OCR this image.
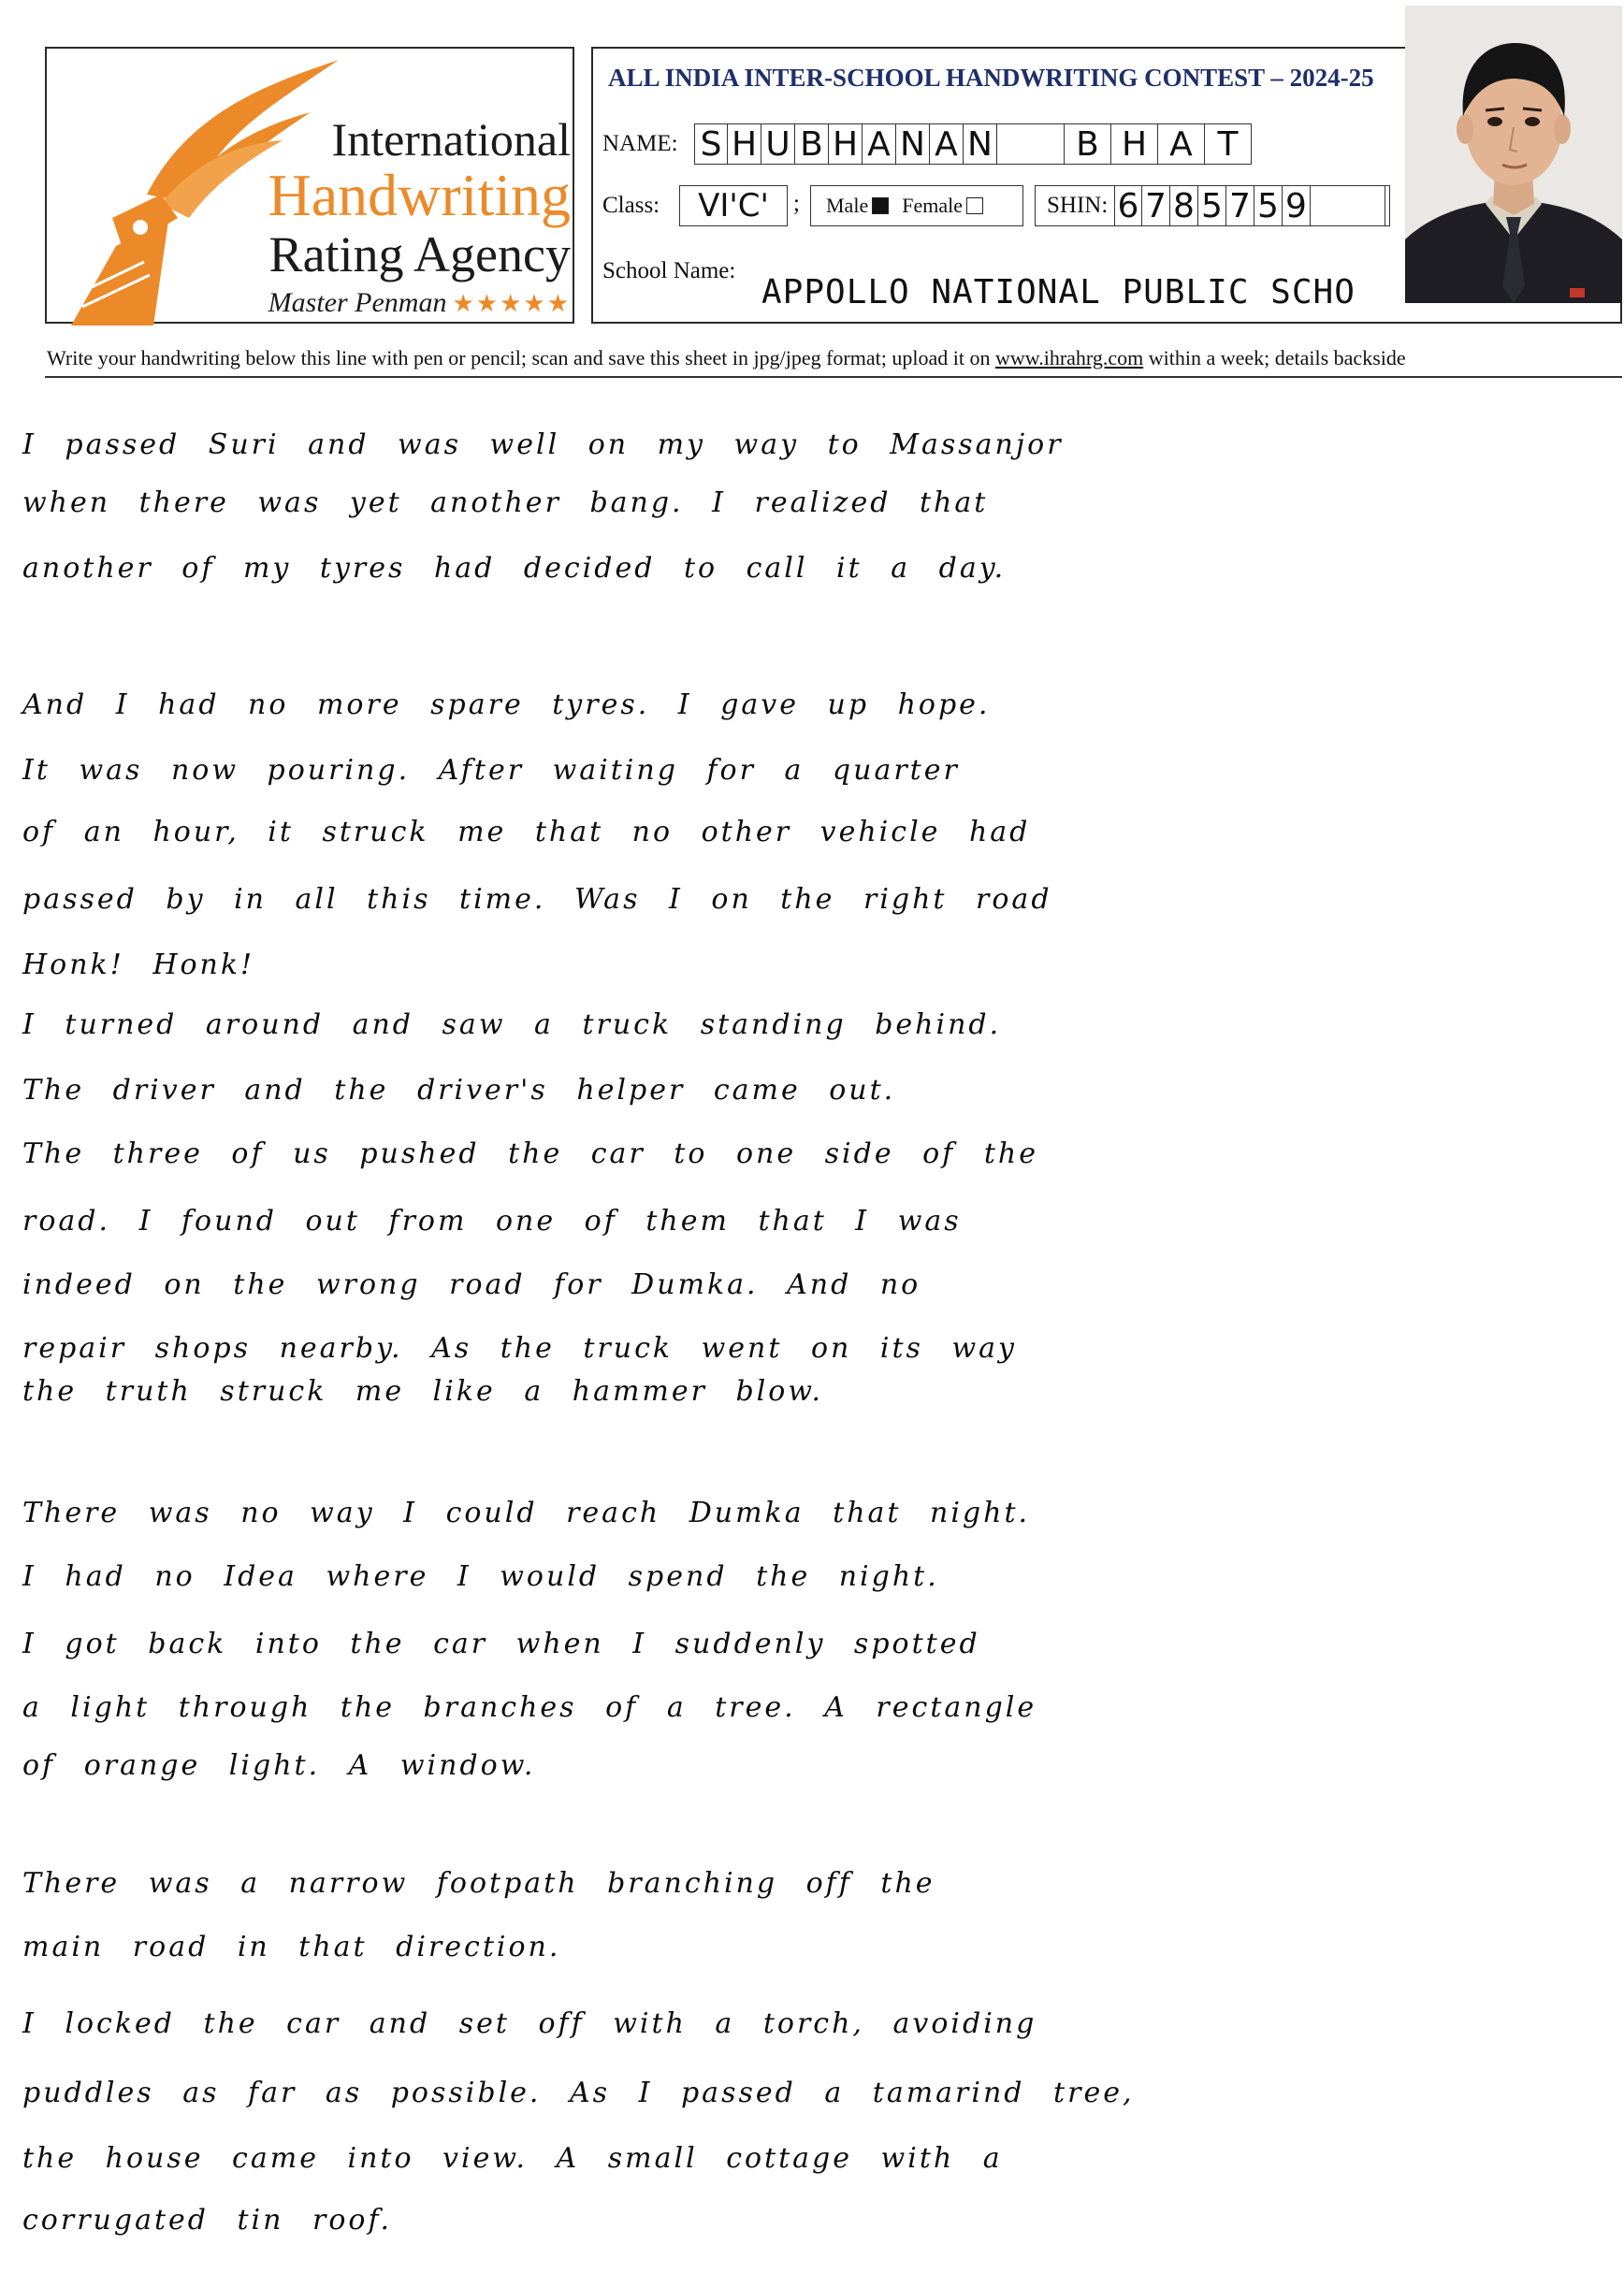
International
Handwriting
Rating Agency
Master Penman ★★★★★
ALL INDIA INTER-SCHOOL HANDWRITING CONTEST – 2024-25
NAME: S H U B H A N A N	B H A T
Class:	VI'C'	; Male Female	SHIN: 6 7 8 5 7 5 9
School Name:
APPOLLO NATIONAL PUBLIC SCHO
Write your handwriting below this line with pen or pencil; scan and save this sheet in jpg/jpeg format; upload it on www.ihrahrg.com within a week; details backside
I passed Suri and was well on my way to Massanjor
when there was yet another bang. I realized that
another of my tyres had decided to call it a day.
And I had no more spare tyres. I gave up hope.
It was now pouring. After waiting for a quarter
of an hour, it struck me that no other vehicle had
passed by in all this time. Was I on the right road
Honk! Honk!
I turned around and saw a truck standing behind.
The driver and the driver's helper came out.
The three of us pushed the car to one side of the
road. I found out from one of them that I was
indeed on the wrong road for Dumka. And no
repair shops nearby. As the truck went on its way
the truth struck me like a hammer blow.
There was no way I could reach Dumka that night.
I had no Idea where I would spend the night.
I got back into the car when I suddenly spotted
a light through the branches of a tree. A rectangle
of orange light. A window.
There was a narrow footpath branching off the
main road in that direction.
I locked the car and set off with a torch, avoiding
puddles as far as possible. As I passed a tamarind tree,
the house came into view. A small cottage with a
corrugated tin roof.
